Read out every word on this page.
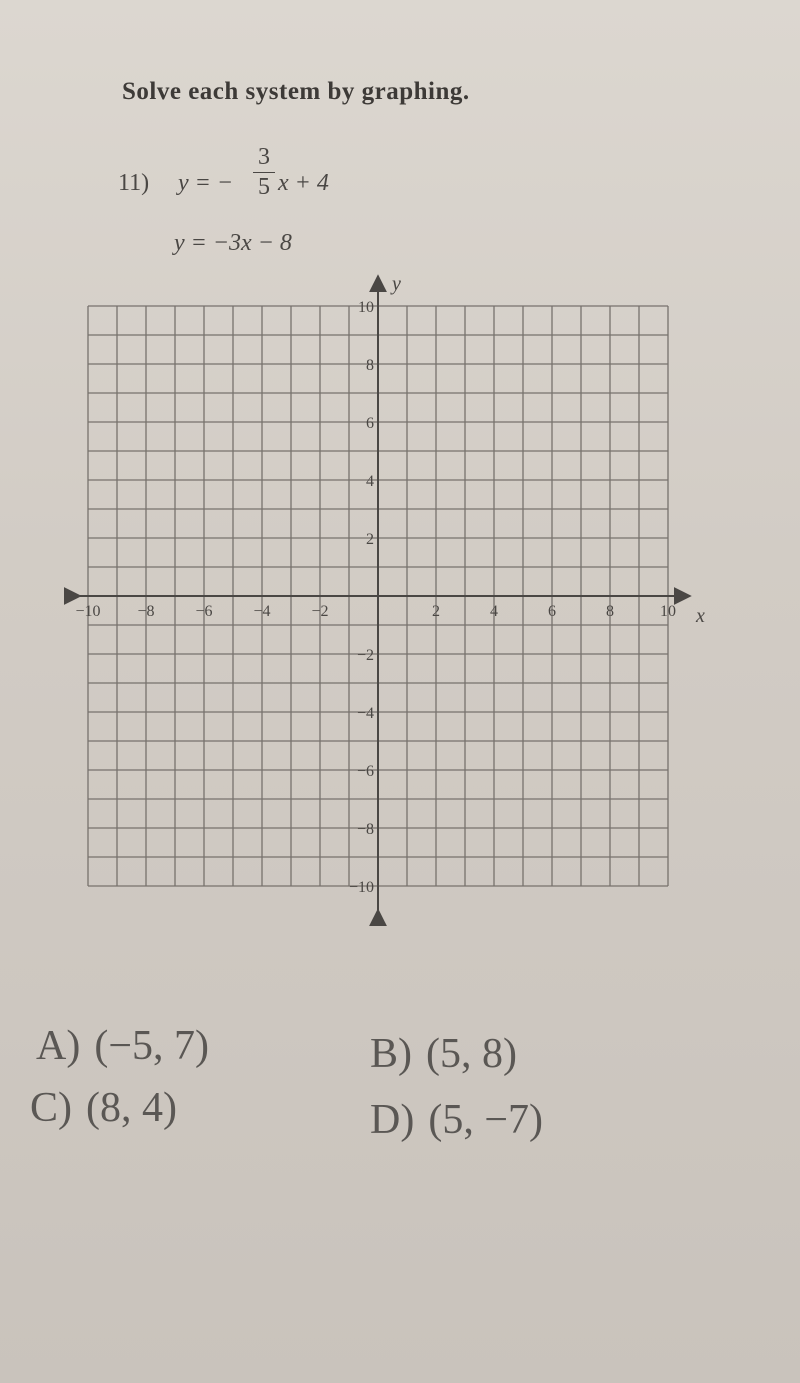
Solve each system by graphing.
11) y = −
3
5 x + 4
y = −3x − 8
−10 −8	−6	−4	−2	2	4	6	8	10
10
8
6
4
2
−2
−4
−6
−8
−10
x
y
A) (−5, 7)	B) (5, 8)
C) (8, 4)	D) (5, −7)
